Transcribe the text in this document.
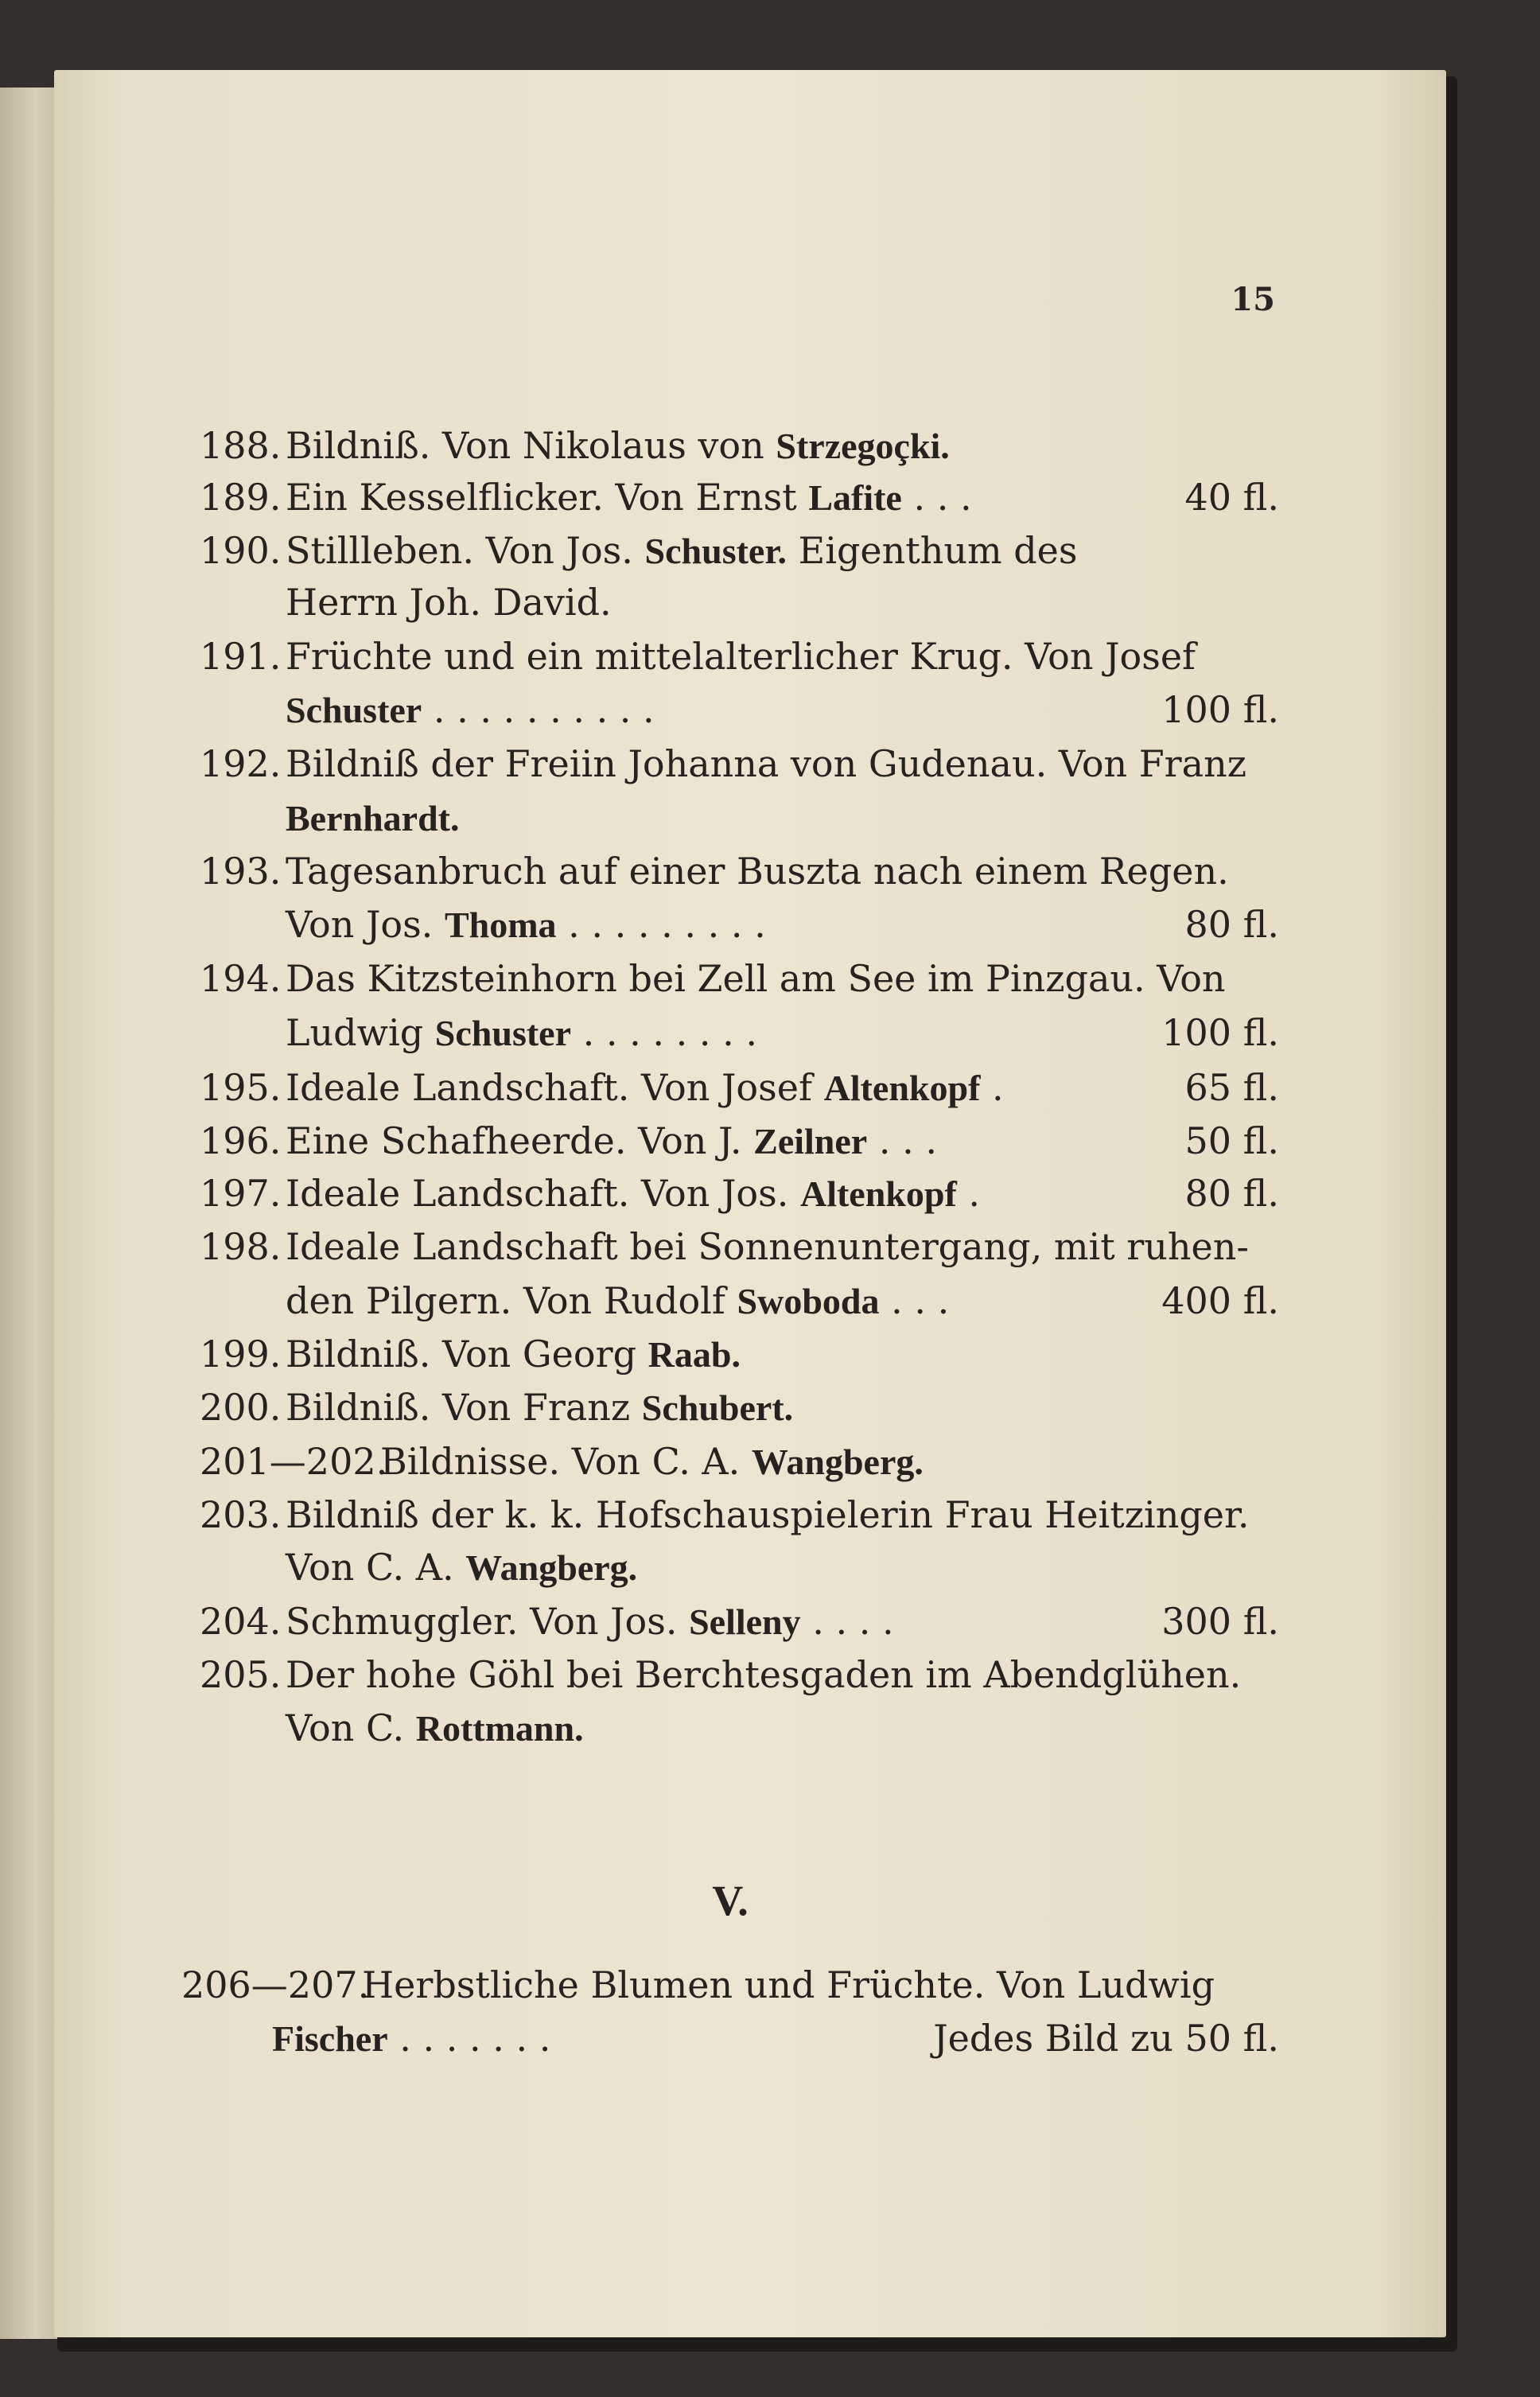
15
188. Bildniß. Von Nikolaus von Strzegoçki.
189. Ein Kesselflicker. Von Ernst Lafite . . .	40 fl.
190. Stillleben. Von Jos. Schuster. Eigenthum des
Herrn Joh. David.
191. Früchte und ein mittelalterlicher Krug. Von Josef
Schuster . . . . . . . . . .	100 fl.
192. Bildniß der Freiin Johanna von Gudenau. Von Franz
Bernhardt.
193. Tagesanbruch auf einer Buszta nach einem Regen.
Von Jos. Thoma . . . . . . . . .	80 fl.
194. Das Kitzsteinhorn bei Zell am See im Pinzgau. Von
Ludwig Schuster . . . . . . . .	100 fl.
195. Ideale Landschaft. Von Josef Altenkopf .	65 fl.
196. Eine Schafheerde. Von J. Zeilner . . .	50 fl.
197. Ideale Landschaft. Von Jos. Altenkopf .	80 fl.
198. Ideale Landschaft bei Sonnenuntergang, mit ruhen-
den Pilgern. Von Rudolf Swoboda . . .	400 fl.
199. Bildniß. Von Georg Raab.
200. Bildniß. Von Franz Schubert.
201—202.Bildnisse. Von C. A. Wangberg.
203. Bildniß der k. k. Hofschauspielerin Frau Heitzinger.
Von C. A. Wangberg.
204. Schmuggler. Von Jos. Selleny . . . .	300 fl.
205. Der hohe Göhl bei Berchtesgaden im Abendglühen.
Von C. Rottmann.
206—207.Herbstliche Blumen und Früchte. Von Ludwig
Fischer . . . . . . .	Jedes Bild zu 50 fl.
V.
